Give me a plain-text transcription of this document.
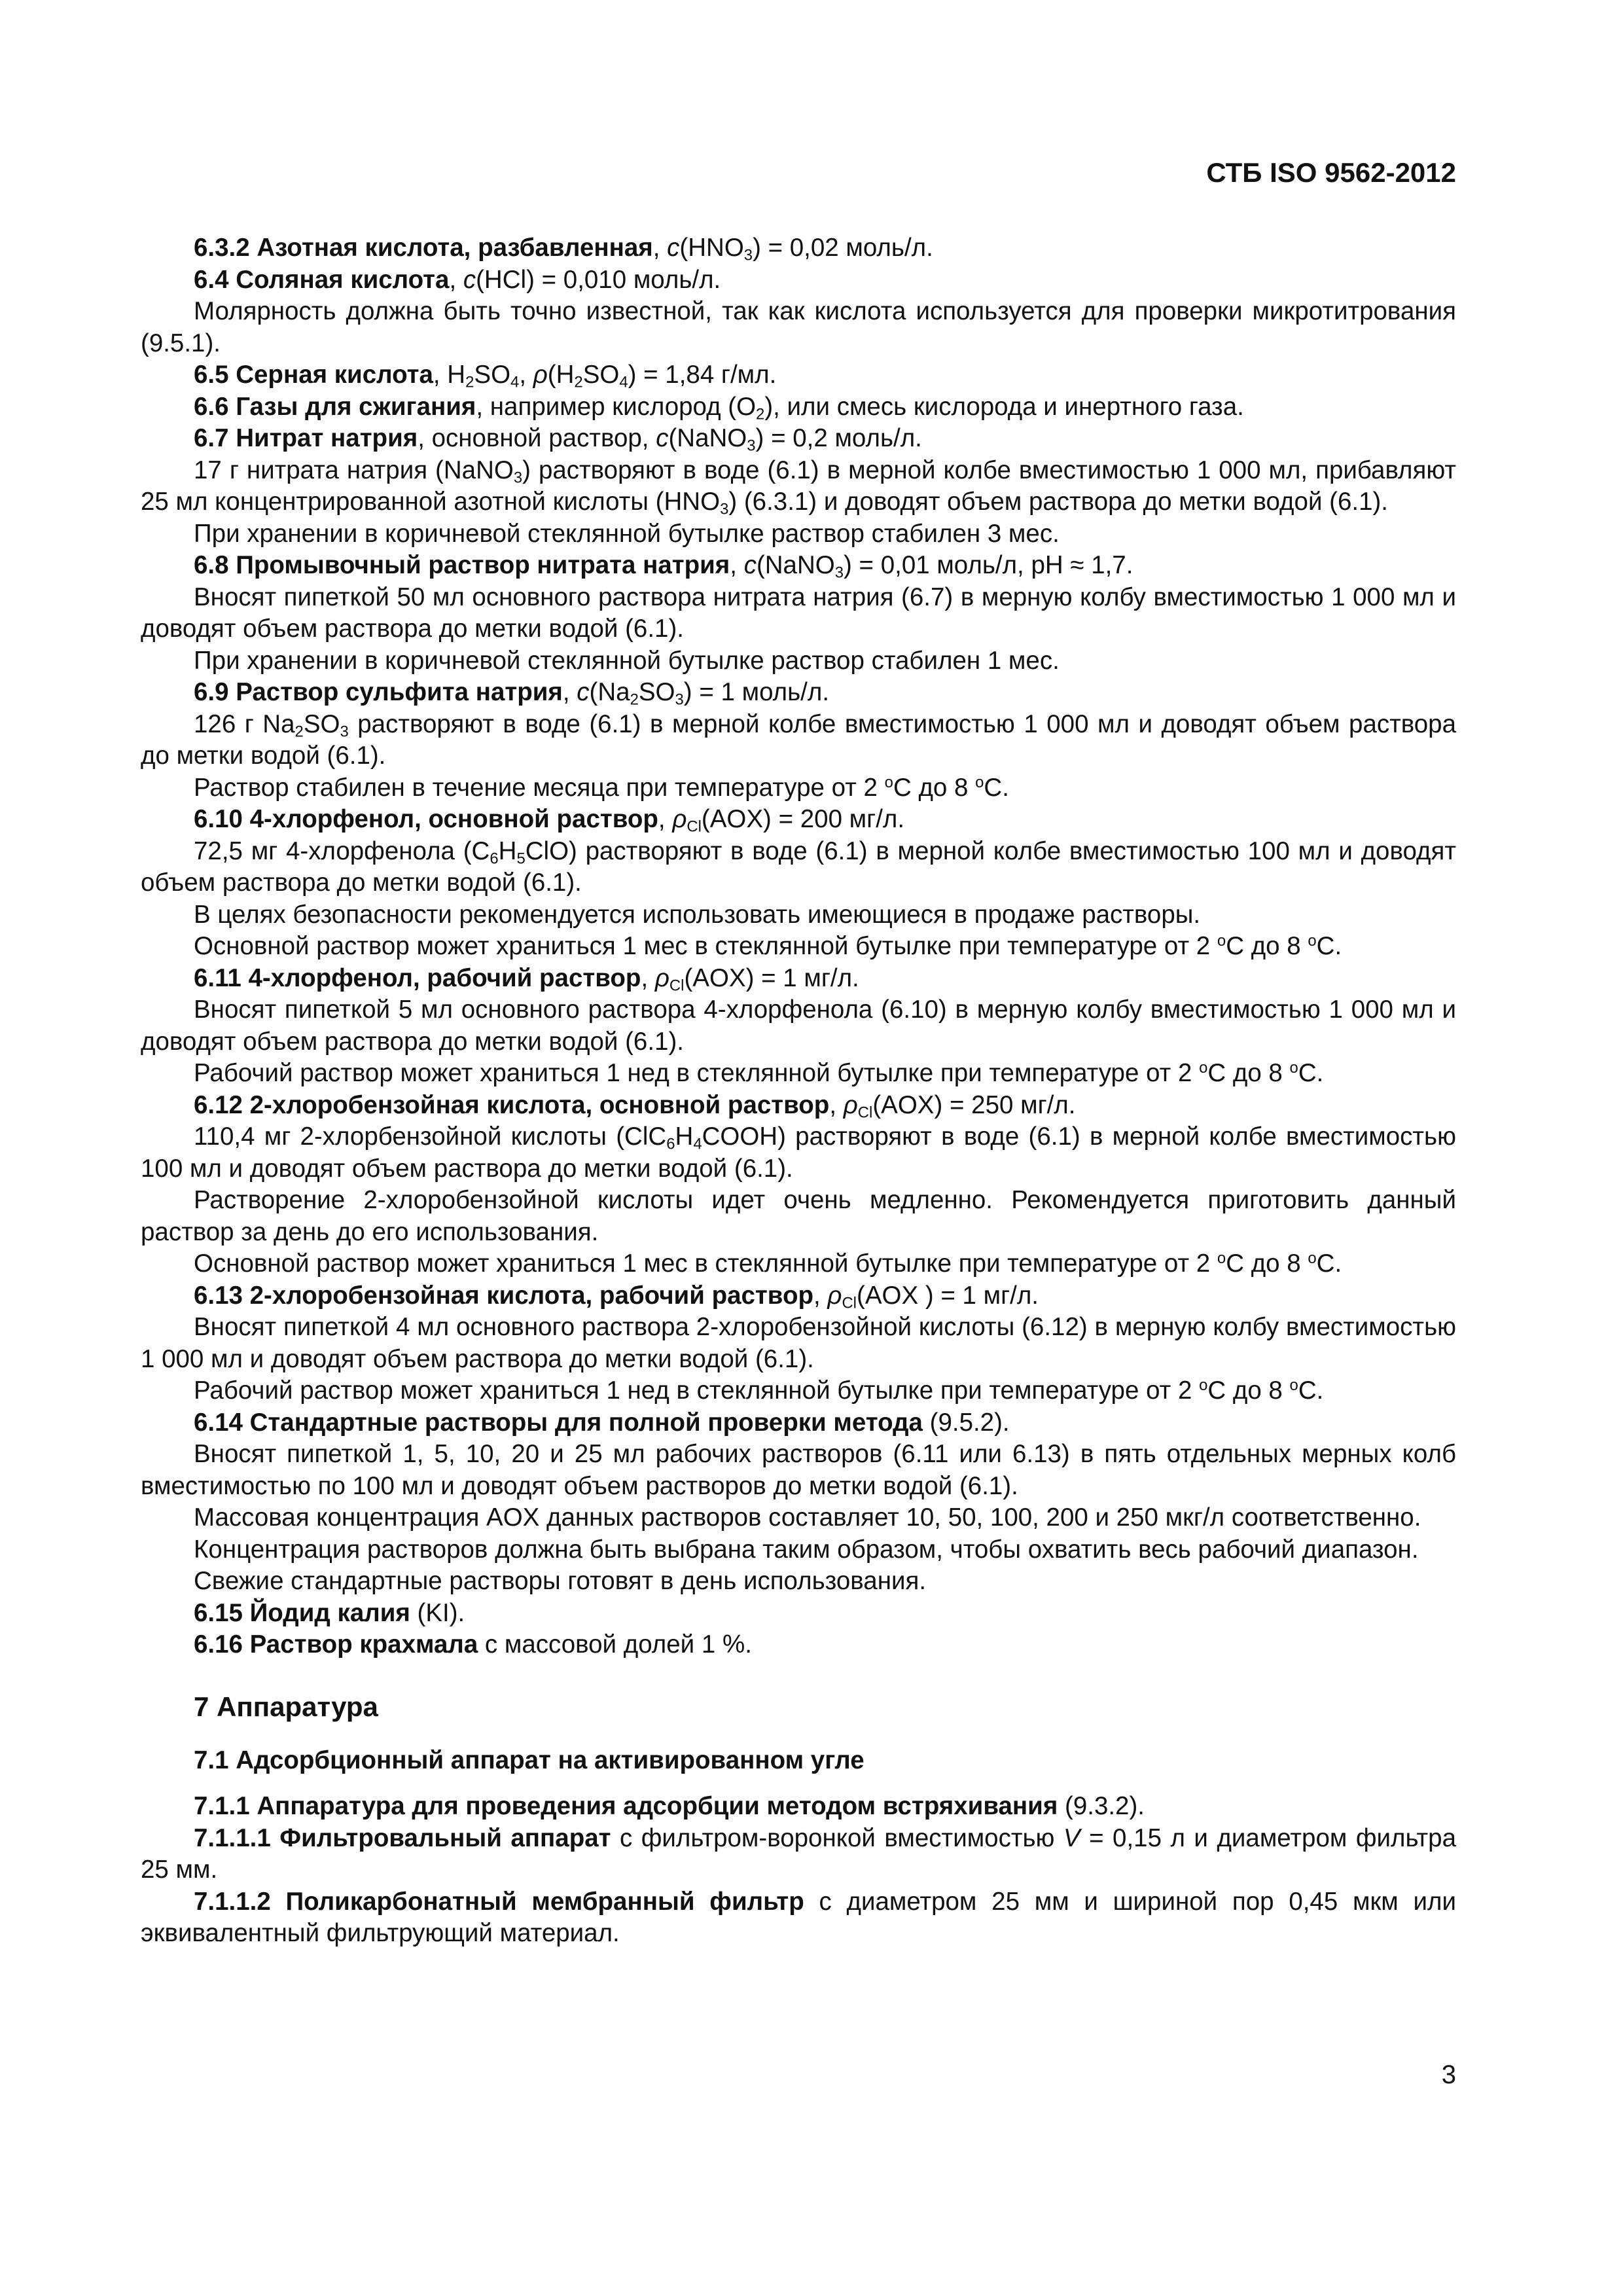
СТБ ISO 9562-2012

6.3.2 Азотная кислота, разбавленная, $c(HNO_3) = 0,02$ моль/л.

6.4 Соляная кислота, c(HCl) = 0,010 моль/л.

Молярность должна быть точно известной, так как кислота используется для проверки микротитрования (9.5.1).

6.5 Серная кислота, $H_2SO_4$, $\rho(H_2SO_4) = 1,84$ г/мл.

6.6 Газы для сжигания, например кислород $(O_2)$, или смесь кислорода и инертного газа.

6.7 Нитрат натрия, основной раствор, c(NaNO$_3$) = 0,2 моль/л.

17 г нитрата натрия (NaNO$_3$) растворяют в воде (6.1) в мерной колбе вместимостью 1 000 мл, прибавляют 25 мл концентрированной азотной кислоты $(HNO_3)$ (6.3.1) и доводят объем раствора до метки водой (6.1).

При хранении в коричневой стеклянной бутылке раствор стабилен 3 мес.

6.8 Промывочный раствор нитрата натрия, c(NaNO$_3$) = 0,01 моль/л, pH ≈ 1,7.

Вносят пипеткой 50 мл основного раствора нитрата натрия (6.7) в мерную колбу вместимостью 1 000 мл и доводят объем раствора до метки водой (6.1).

При хранении в коричневой стеклянной бутылке раствор стабилен 1 мес.

6.9 Раствор сульфита натрия, $c(Na_2SO_3) = 1$ моль/л.

126 г $Na_2SO_3$ растворяют в воде (6.1) в мерной колбе вместимостью 1 000 мл и доводят объем раствора до метки водой (6.1).

Раствор стабилен в течение месяца при температуре от 2 $^o$C до 8 $^o$C.

6.10 4-хлорфенол, основной раствор, $\rho_{Cl}(AOX) = 200$ мг/л.

72,5 мг 4-хлорфенола $(C_6H_5ClO)$ растворяют в воде (6.1) в мерной колбе вместимостью 100 мл и доводят объем раствора до метки водой (6.1).

В целях безопасности рекомендуется использовать имеющиеся в продаже растворы.

Основной раствор может храниться 1 мес в стеклянной бутылке при температуре от 2 $^o$C до 8 $^o$C.

6.11 4-хлорфенол, рабочий раствор, $\rho_{Cl}(AOX) = 1$ мг/л.

Вносят пипеткой 5 мл основного раствора 4-хлорфенола (6.10) в мерную колбу вместимостью 1 000 мл и доводят объем раствора до метки водой (6.1).

Рабочий раствор может храниться 1 нед в стеклянной бутылке при температуре от 2 $^o$C до 8 $^o$C.

6.12 2-хлоробензойная кислота, основной раствор, $\rho_{Cl}(AOX) = 250$ мг/л.

110,4 мг 2-хлорбензойной кислоты $(ClC_6H_4COOH)$ растворяют в воде (6.1) в мерной колбе вместимостью 100 мл и доводят объем раствора до метки водой (6.1).

Растворение 2-хлоробензойной кислоты идет очень медленно. Рекомендуется приготовить данный раствор за день до его использования.

Основной раствор может храниться 1 мес в стеклянной бутылке при температуре от 2 $^o$C до 8 $^o$C.

6.13 2-хлоробензойная кислота, рабочий раствор, $\rho_{Cl}(AOX$ ) = 1 мг/л.

Вносят пипеткой 4 мл основного раствора 2-хлоробензойной кислоты (6.12) в мерную колбу вместимостью 1 000 мл и доводят объем раствора до метки водой (6.1).

Рабочий раствор может храниться 1 нед в стеклянной бутылке при температуре от 2 $^o$C до 8 $^o$C.

6.14 Стандартные растворы для полной проверки метода (9.5.2).

Вносят пипеткой 1, 5, 10, 20 и 25 мл рабочих растворов (6.11 или 6.13) в пять отдельных мерных колб вместимостью по 100 мл и доводят объем растворов до метки водой (6.1).

Массовая концентрация AOX данных растворов составляет 10, 50, 100, 200 и 250 мкг/л соответственно.

Концентрация растворов должна быть выбрана таким образом, чтобы охватить весь рабочий диапазон.

Свежие стандартные растворы готовят в день использования.

6.15 Йодид калия (KI).

6.16 Раствор крахмала с массовой долей 1 %.

7 Аппаратура

7.1 Адсорбционный аппарат на активированном угле

7.1.1 Аппаратура для проведения адсорбции методом встряхивания (9.3.2).

7.1.1.1 Фильтровальный аппарат с фильтром-воронкой вместимостью V = 0,15 л и диаметром фильтра 25 мм.

7.1.1.2 Поликарбонатный мембранный фильтр с диаметром 25 мм и шириной пор 0,45 мкм или эквивалентный фильтрующий материал.

3
